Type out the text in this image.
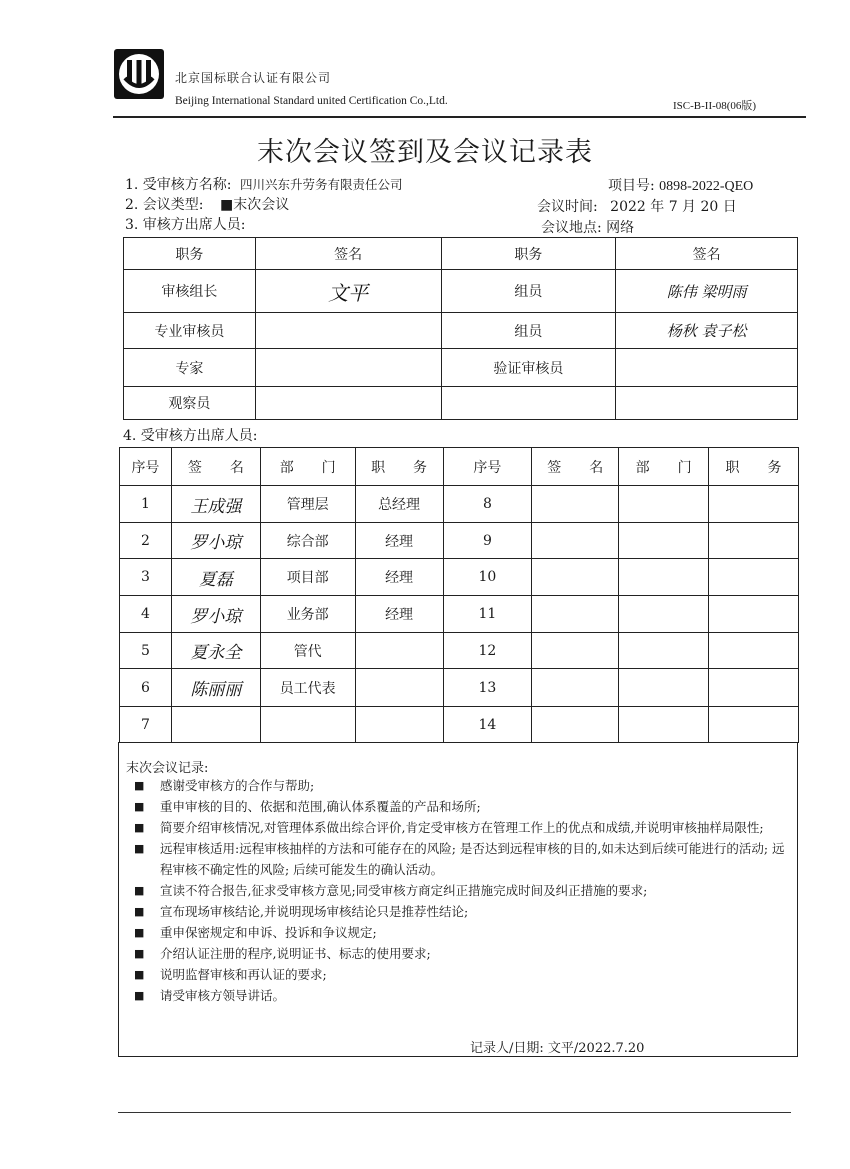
北京国标联合认证有限公司
Beijing International Standard united Certification Co.,Ltd.	ISC-B-II-08(06版)
末次会议签到及会议记录表
1. 受审核方名称: 四川兴东升劳务有限责任公司	项目号: 0898-2022-QEO
2. 会议类型: ■末次会议	会议时间: 2022 年 7 月 20 日
3. 审核方出席人员:	会议地点: 网络
职务	签名	职务	签名
审核组长	文平	组员	陈伟 梁明雨
专业审核员		组员	杨秋 袁子松
专家		验证审核员	
观察员			
4. 受审核方出席人员:
序号	签　　名	部　　门	职　　务	序号	签　　名	部　　门	职　　务
1	王成强	管理层	总经理	8			
2	罗小琼	综合部	经理	9			
3	夏磊	项目部	经理	10			
4	罗小琼	业务部	经理	11			
5	夏永全	管代		12			
6	陈丽丽	员工代表		13			
7				14			
末次会议记录:
■ 感谢受审核方的合作与帮助;
■ 重申审核的目的、依据和范围,确认体系覆盖的产品和场所;
■ 简要介绍审核情况,对管理体系做出综合评价,肯定受审核方在管理工作上的优点和成绩,并说明审核抽样局限性;
■ 远程审核适用:远程审核抽样的方法和可能存在的风险; 是否达到远程审核的目的,如未达到后续可能进行的活动; 远程审核不确定性的风险; 后续可能发生的确认活动。
■ 宣读不符合报告,征求受审核方意见;同受审核方商定纠正措施完成时间及纠正措施的要求;
■ 宣布现场审核结论,并说明现场审核结论只是推荐性结论;
■ 重申保密规定和申诉、投诉和争议规定;
■ 介绍认证注册的程序,说明证书、标志的使用要求;
■ 说明监督审核和再认证的要求;
■ 请受审核方领导讲话。
记录人/日期: 文平/2022.7.20
